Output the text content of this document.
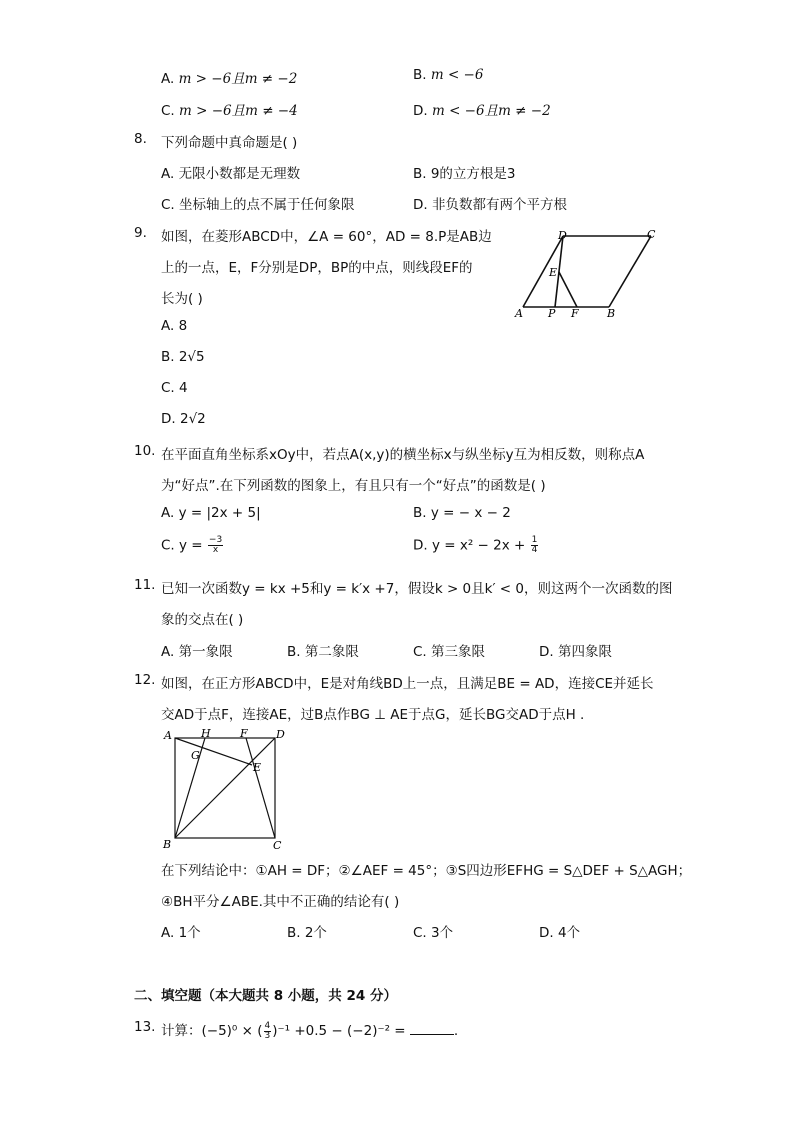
A. m > −6且m ≠ −2	B. m < −6
C. m > −6且m ≠ −4	D. m < −6且m ≠ −2
8. 下列命题中真命题是( )
A. 无限小数都是无理数	B. 9的立方根是3
C. 坐标轴上的点不属于任何象限	D. 非负数都有两个平方根
9. 如图，在菱形ABCD中，∠A = 60°，AD = 8.P是AB边
上的一点，E，F分别是DP，BP的中点，则线段EF的
长为( )
A. 8
B. 2√5
C. 4
D. 2√2
A	B
C
D
E
P F
10. 在平面直角坐标系xOy中，若点A(x,y)的横坐标x与纵坐标y互为相反数，则称点A
为“好点”.在下列函数的图象上，有且只有一个“好点”的函数是( )
A. y = |2x + 5|	B. y = − x − 2
C. $y = \frac{-3}{x}$	D. $y = x^2 - 2x + \frac{1}{4}$
11. 已知一次函数y = kx +5和y = k′x +7，假设k > 0且k′ < 0，则这两个一次函数的图
象的交点在( )
A. 第一象限	B. 第二象限	C. 第三象限	D. 第四象限
12. 如图，在正方形ABCD中，E是对角线BD上一点，且满足BE = AD，连接CE并延长
交AD于点F，连接AE，过B点作BG ⊥ AE于点G，延长BG交AD于点H .
A	H	F	D
G
E
B	C
在下列结论中：①AH = DF；②∠AEF = 45°；③S四边形EFHG = S△DEF + S△AGH；
④BH平分∠ABE.其中不正确的结论有( )
A. 1个	B. 2个	C. 3个	D. 4个
二、填空题（本大题共 8 小题，共 24 分）
13. 计算：(−5)⁰ × ( $\frac{4}{3} )^{-1} +0.5 - (-2)^{-2}$ =	.
